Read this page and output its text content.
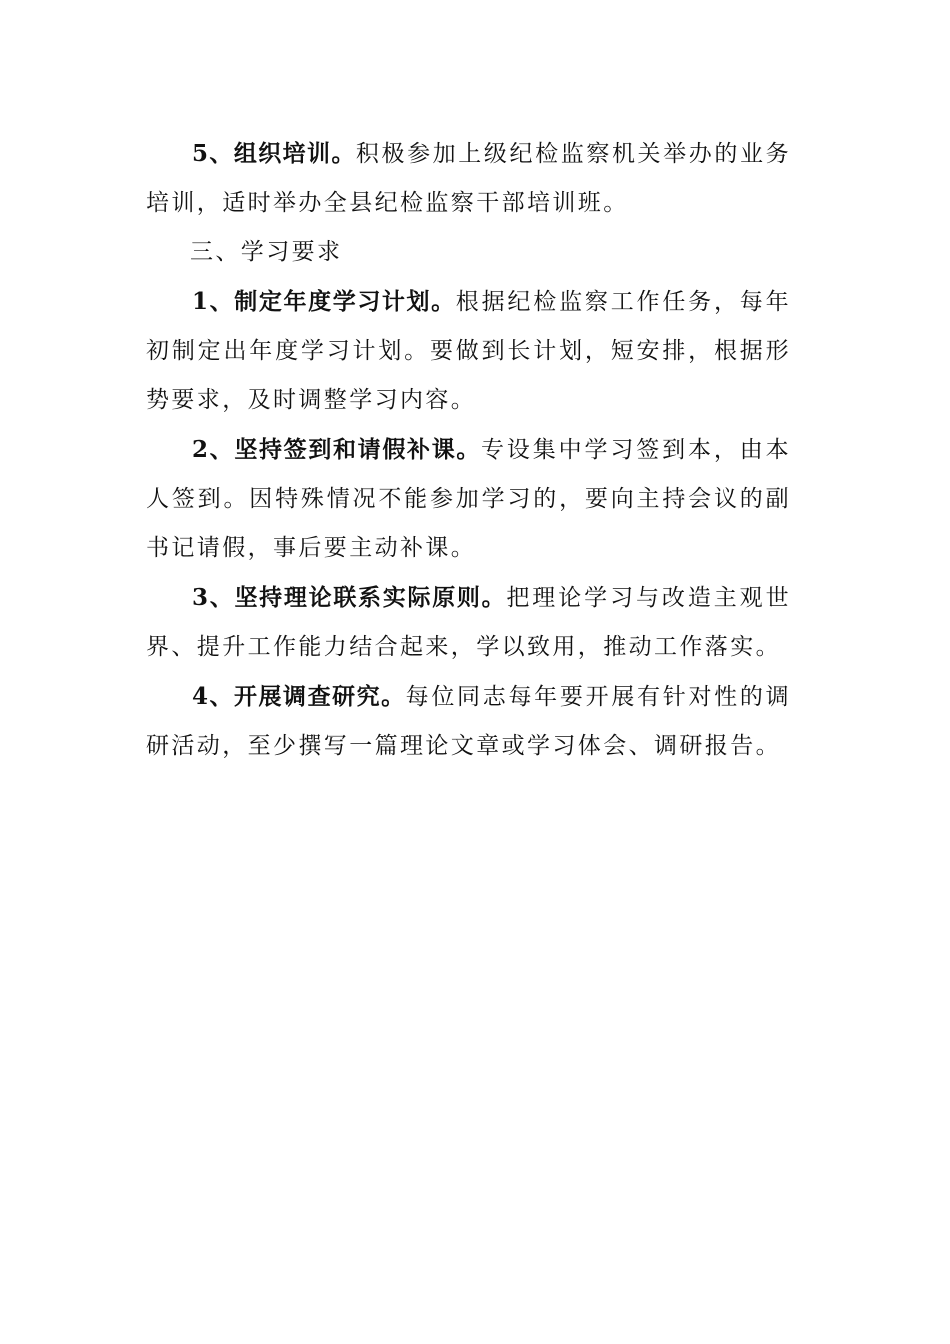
5、组织培训。积极参加上级纪检监察机关举办的业务培训，适时举办全县纪检监察干部培训班。

三、学习要求

1、制定年度学习计划。根据纪检监察工作任务，每年初制定出年度学习计划。要做到长计划，短安排，根据形势要求，及时调整学习内容。

2、坚持签到和请假补课。专设集中学习签到本，由本人签到。因特殊情况不能参加学习的，要向主持会议的副书记请假，事后要主动补课。

3、坚持理论联系实际原则。把理论学习与改造主观世界、提升工作能力结合起来，学以致用，推动工作落实。

4、开展调查研究。每位同志每年要开展有针对性的调研活动，至少撰写一篇理论文章或学习体会、调研报告。
